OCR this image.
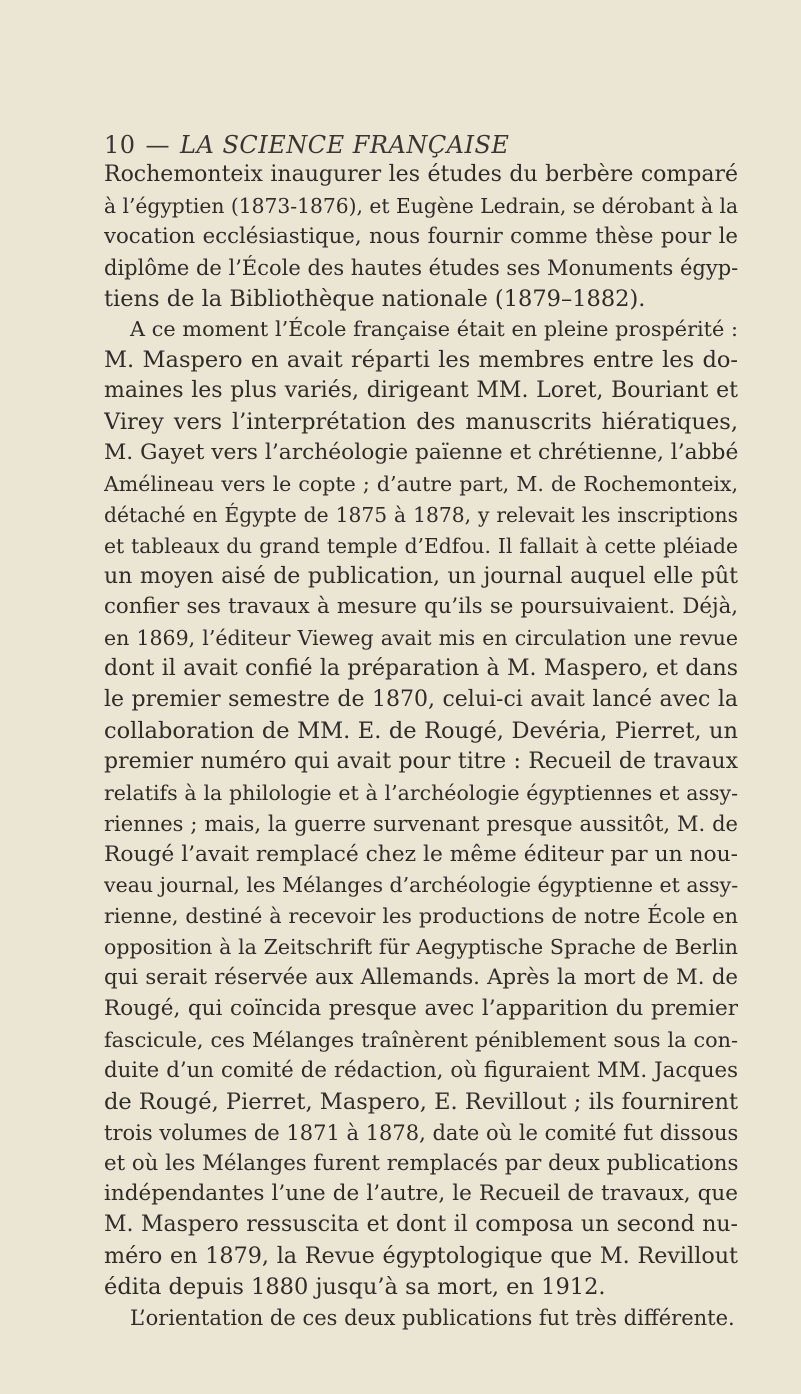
10 — LA SCIENCE FRANÇAISE
Rochemonteix inaugurer les études du berbère comparé
à l’égyptien (1873-1876), et Eugène Ledrain, se dérobant à la
vocation ecclésiastique, nous fournir comme thèse pour le
diplôme de l’École des hautes études ses Monuments égyp-
tiens de la Bibliothèque nationale (1879–1882).
A ce moment l’École française était en pleine prospérité :
M. Maspero en avait réparti les membres entre les do-
maines les plus variés, dirigeant MM. Loret, Bouriant et
Virey vers l’interprétation des manuscrits hiératiques,
M. Gayet vers l’archéologie païenne et chrétienne, l’abbé
Amélineau vers le copte ; d’autre part, M. de Rochemonteix,
détaché en Égypte de 1875 à 1878, y relevait les inscriptions
et tableaux du grand temple d’Edfou. Il fallait à cette pléiade
un moyen aisé de publication, un journal auquel elle pût
confier ses travaux à mesure qu’ils se poursuivaient. Déjà,
en 1869, l’éditeur Vieweg avait mis en circulation une revue
dont il avait confié la préparation à M. Maspero, et dans
le premier semestre de 1870, celui-ci avait lancé avec la
collaboration de MM. E. de Rougé, Devéria, Pierret, un
premier numéro qui avait pour titre : Recueil de travaux
relatifs à la philologie et à l’archéologie égyptiennes et assy-
riennes ; mais, la guerre survenant presque aussitôt, M. de
Rougé l’avait remplacé chez le même éditeur par un nou-
veau journal, les Mélanges d’archéologie égyptienne et assy-
rienne, destiné à recevoir les productions de notre École en
opposition à la Zeitschrift für Aegyptische Sprache de Berlin
qui serait réservée aux Allemands. Après la mort de M. de
Rougé, qui coïncida presque avec l’apparition du premier
fascicule, ces Mélanges traînèrent péniblement sous la con-
duite d’un comité de rédaction, où figuraient MM. Jacques
de Rougé, Pierret, Maspero, E. Revillout ; ils fournirent
trois volumes de 1871 à 1878, date où le comité fut dissous
et où les Mélanges furent remplacés par deux publications
indépendantes l’une de l’autre, le Recueil de travaux, que
M. Maspero ressuscita et dont il composa un second nu-
méro en 1879, la Revue égyptologique que M. Revillout
édita depuis 1880 jusqu’à sa mort, en 1912.
L’orientation de ces deux publications fut très différente.
